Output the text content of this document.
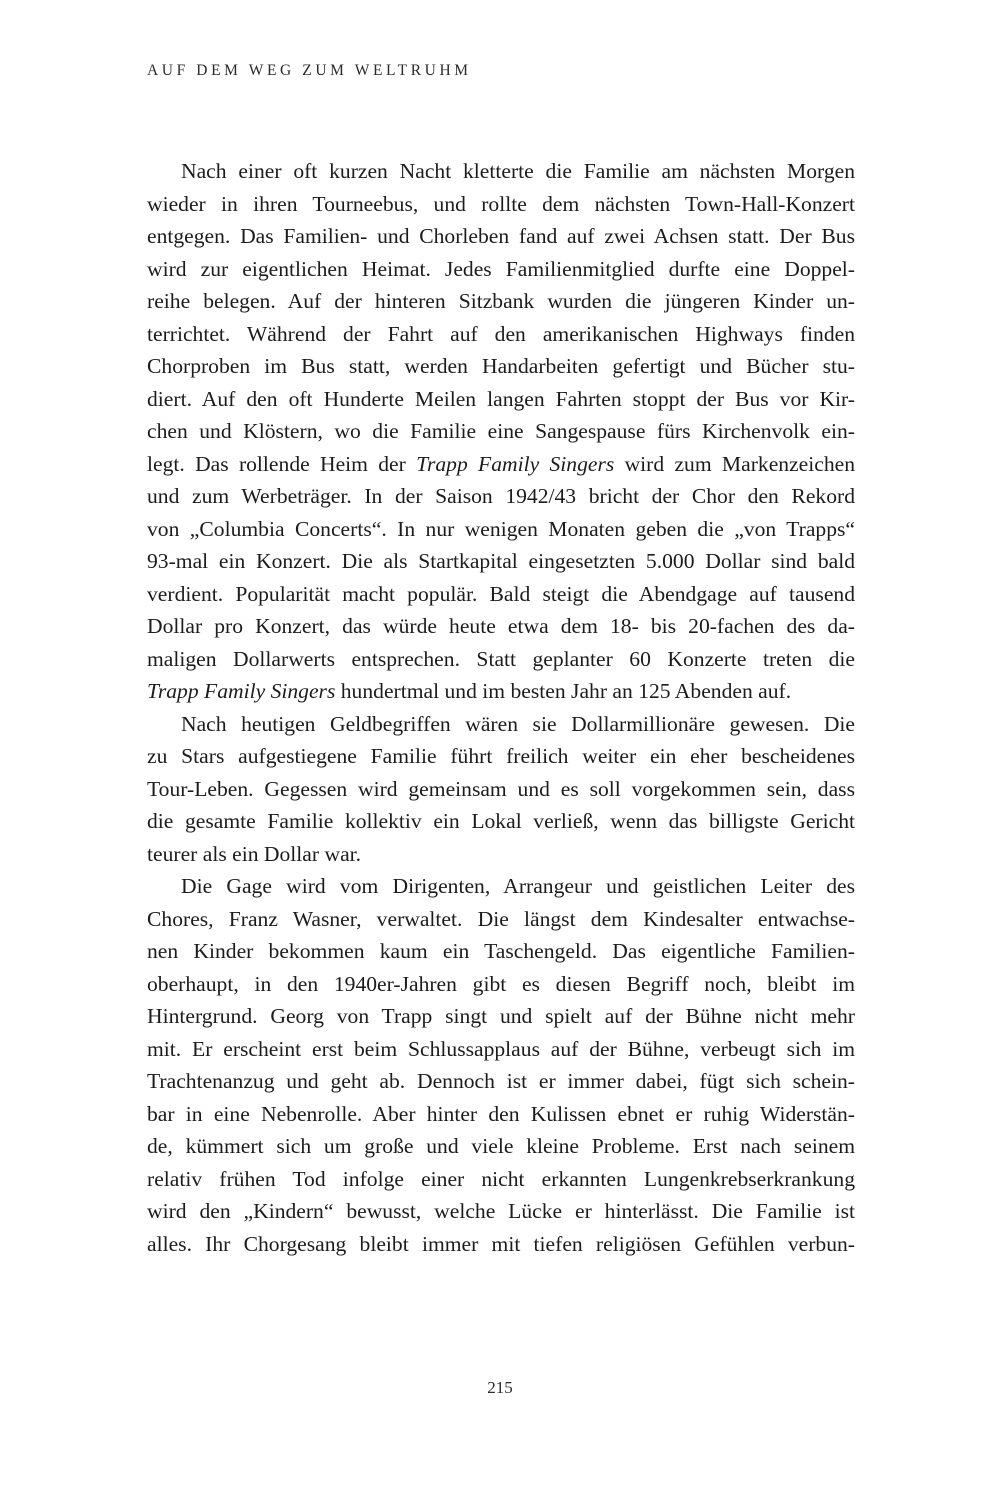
AUF DEM WEG ZUM WELTRUHM
Nach einer oft kurzen Nacht kletterte die Familie am nächsten Morgen
wieder in ihren Tourneebus, und rollte dem nächsten Town-Hall-Konzert
entgegen. Das Familien- und Chorleben fand auf zwei Achsen statt. Der Bus
wird zur eigentlichen Heimat. Jedes Familienmitglied durfte eine Doppel-
reihe belegen. Auf der hinteren Sitzbank wurden die jüngeren Kinder un-
terrichtet. Während der Fahrt auf den amerikanischen Highways finden
Chorproben im Bus statt, werden Handarbeiten gefertigt und Bücher stu-
diert. Auf den oft Hunderte Meilen langen Fahrten stoppt der Bus vor Kir-
chen und Klöstern, wo die Familie eine Sangespause fürs Kirchenvolk ein-
legt. Das rollende Heim der Trapp Family Singers wird zum Markenzeichen
und zum Werbeträger. In der Saison 1942/43 bricht der Chor den Rekord
von „Columbia Concerts“. In nur wenigen Monaten geben die „von Trapps“
93-mal ein Konzert. Die als Startkapital eingesetzten 5.000 Dollar sind bald
verdient. Popularität macht populär. Bald steigt die Abendgage auf tausend
Dollar pro Konzert, das würde heute etwa dem 18- bis 20-fachen des da-
maligen Dollarwerts entsprechen. Statt geplanter 60 Konzerte treten die
Trapp Family Singers hundertmal und im besten Jahr an 125 Abenden auf.
Nach heutigen Geldbegriffen wären sie Dollarmillionäre gewesen. Die
zu Stars aufgestiegene Familie führt freilich weiter ein eher bescheidenes
Tour-Leben. Gegessen wird gemeinsam und es soll vorgekommen sein, dass
die gesamte Familie kollektiv ein Lokal verließ, wenn das billigste Gericht
teurer als ein Dollar war.
Die Gage wird vom Dirigenten, Arrangeur und geistlichen Leiter des
Chores, Franz Wasner, verwaltet. Die längst dem Kindesalter entwachse-
nen Kinder bekommen kaum ein Taschengeld. Das eigentliche Familien-
oberhaupt, in den 1940er-Jahren gibt es diesen Begriff noch, bleibt im
Hintergrund. Georg von Trapp singt und spielt auf der Bühne nicht mehr
mit. Er erscheint erst beim Schlussapplaus auf der Bühne, verbeugt sich im
Trachtenanzug und geht ab. Dennoch ist er immer dabei, fügt sich schein-
bar in eine Nebenrolle. Aber hinter den Kulissen ebnet er ruhig Widerstän-
de, kümmert sich um große und viele kleine Probleme. Erst nach seinem
relativ frühen Tod infolge einer nicht erkannten Lungenkrebserkrankung
wird den „Kindern“ bewusst, welche Lücke er hinterlässt. Die Familie ist
alles. Ihr Chorgesang bleibt immer mit tiefen religiösen Gefühlen verbun-
215
